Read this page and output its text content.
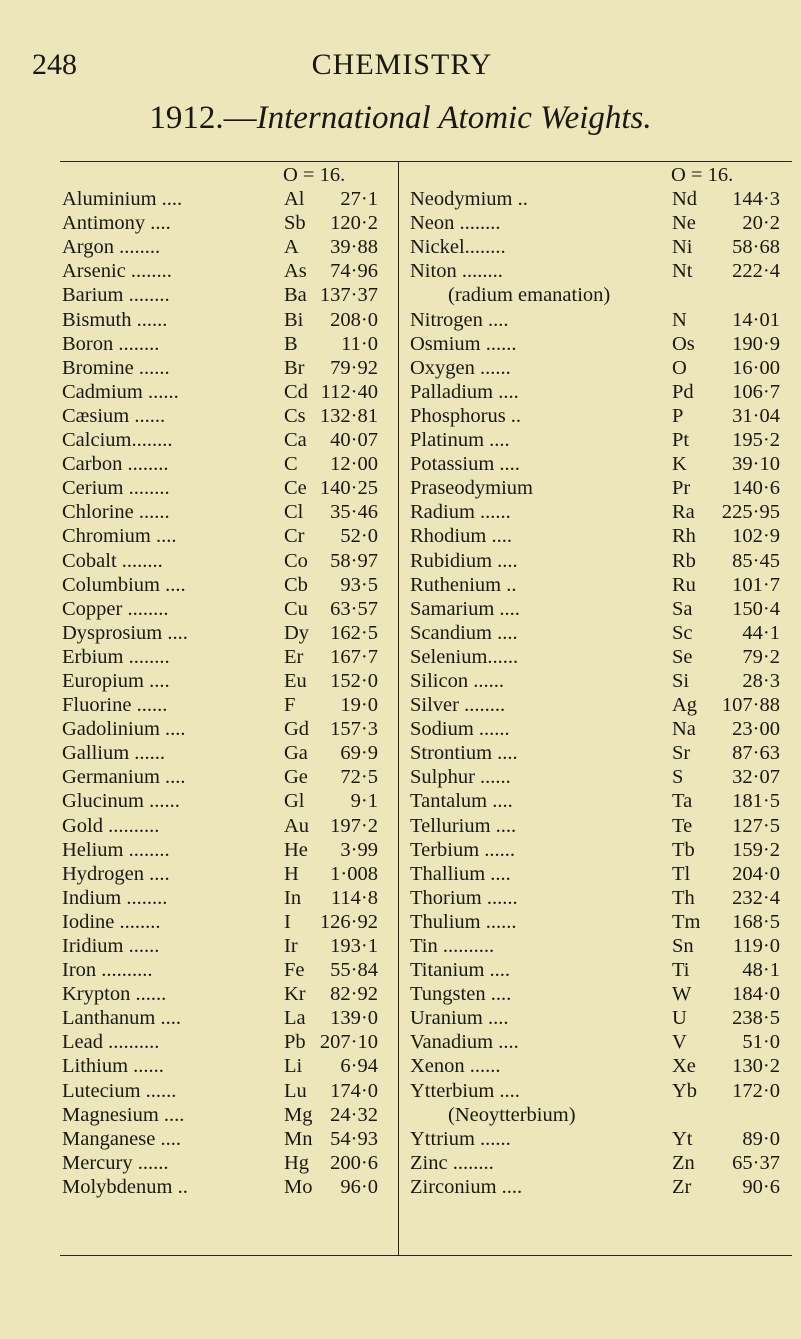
248	CHEMISTRY
1912.—International Atomic Weights.
O = 16.
Aluminium ....	Al 27·1
Antimony ....	Sb 120·2
Argon ........	A 39·88
Arsenic ........	As 74·96
Barium ........	Ba 137·37
Bismuth ......	Bi 208·0
Boron ........	B 11·0
Bromine ......	Br 79·92
Cadmium ......	Cd 112·40
Cæsium ......	Cs 132·81
Calcium........	Ca 40·07
Carbon ........	C 12·00
Cerium ........	Ce 140·25
Chlorine ......	Cl 35·46
Chromium ....	Cr 52·0
Cobalt ........	Co 58·97
Columbium ....	Cb 93·5
Copper ........	Cu 63·57
Dysprosium ....	Dy 162·5
Erbium ........	Er 167·7
Europium ....	Eu 152·0
Fluorine ......	F 19·0
Gadolinium ....	Gd 157·3
Gallium ......	Ga 69·9
Germanium ....	Ge 72·5
Glucinum ......	Gl 9·1
Gold ..........	Au 197·2
Helium ........	He 3·99
Hydrogen ....	H 1·008
Indium ........	In 114·8
Iodine ........	I 126·92
Iridium ......	Ir 193·1
Iron ..........	Fe 55·84
Krypton ......	Kr 82·92
Lanthanum ....	La 139·0
Lead ..........	Pb 207·10
Lithium ......	Li 6·94
Lutecium ......	Lu 174·0
Magnesium ....	Mg 24·32
Manganese ....	Mn 54·93
Mercury ......	Hg 200·6
Molybdenum ..	Mo 96·0
O = 16.
Neodymium ..	Nd 144·3
Neon ........	Ne 20·2
Nickel........	Ni 58·68
Niton ........	Nt 222·4
(radium emanation)
Nitrogen ....	N 14·01
Osmium ......	Os 190·9
Oxygen ......	O 16·00
Palladium ....	Pd 106·7
Phosphorus ..	P 31·04
Platinum ....	Pt 195·2
Potassium ....	K 39·10
Praseodymium	Pr 140·6
Radium ......	Ra 225·95
Rhodium ....	Rh 102·9
Rubidium ....	Rb 85·45
Ruthenium ..	Ru 101·7
Samarium ....	Sa 150·4
Scandium ....	Sc 44·1
Selenium......	Se 79·2
Silicon ......	Si	28·3
Silver ........	Ag 107·88
Sodium ......	Na 23·00
Strontium ....	Sr 87·63
Sulphur ......	S 32·07
Tantalum ....	Ta 181·5
Tellurium ....	Te 127·5
Terbium ......	Tb 159·2
Thallium ....	Tl 204·0
Thorium ......	Th 232·4
Thulium ......	Tm 168·5
Tin ..........	Sn 119·0
Titanium ....	Ti	48·1
Tungsten ....	W 184·0
Uranium ....	U 238·5
Vanadium ....	V	51·0
Xenon ......	Xe 130·2
Ytterbium ....	Yb 172·0
(Neoytterbium)
Yttrium ......	Yt 89·0
Zinc ........	Zn 65·37
Zirconium ....	Zr 90·6
